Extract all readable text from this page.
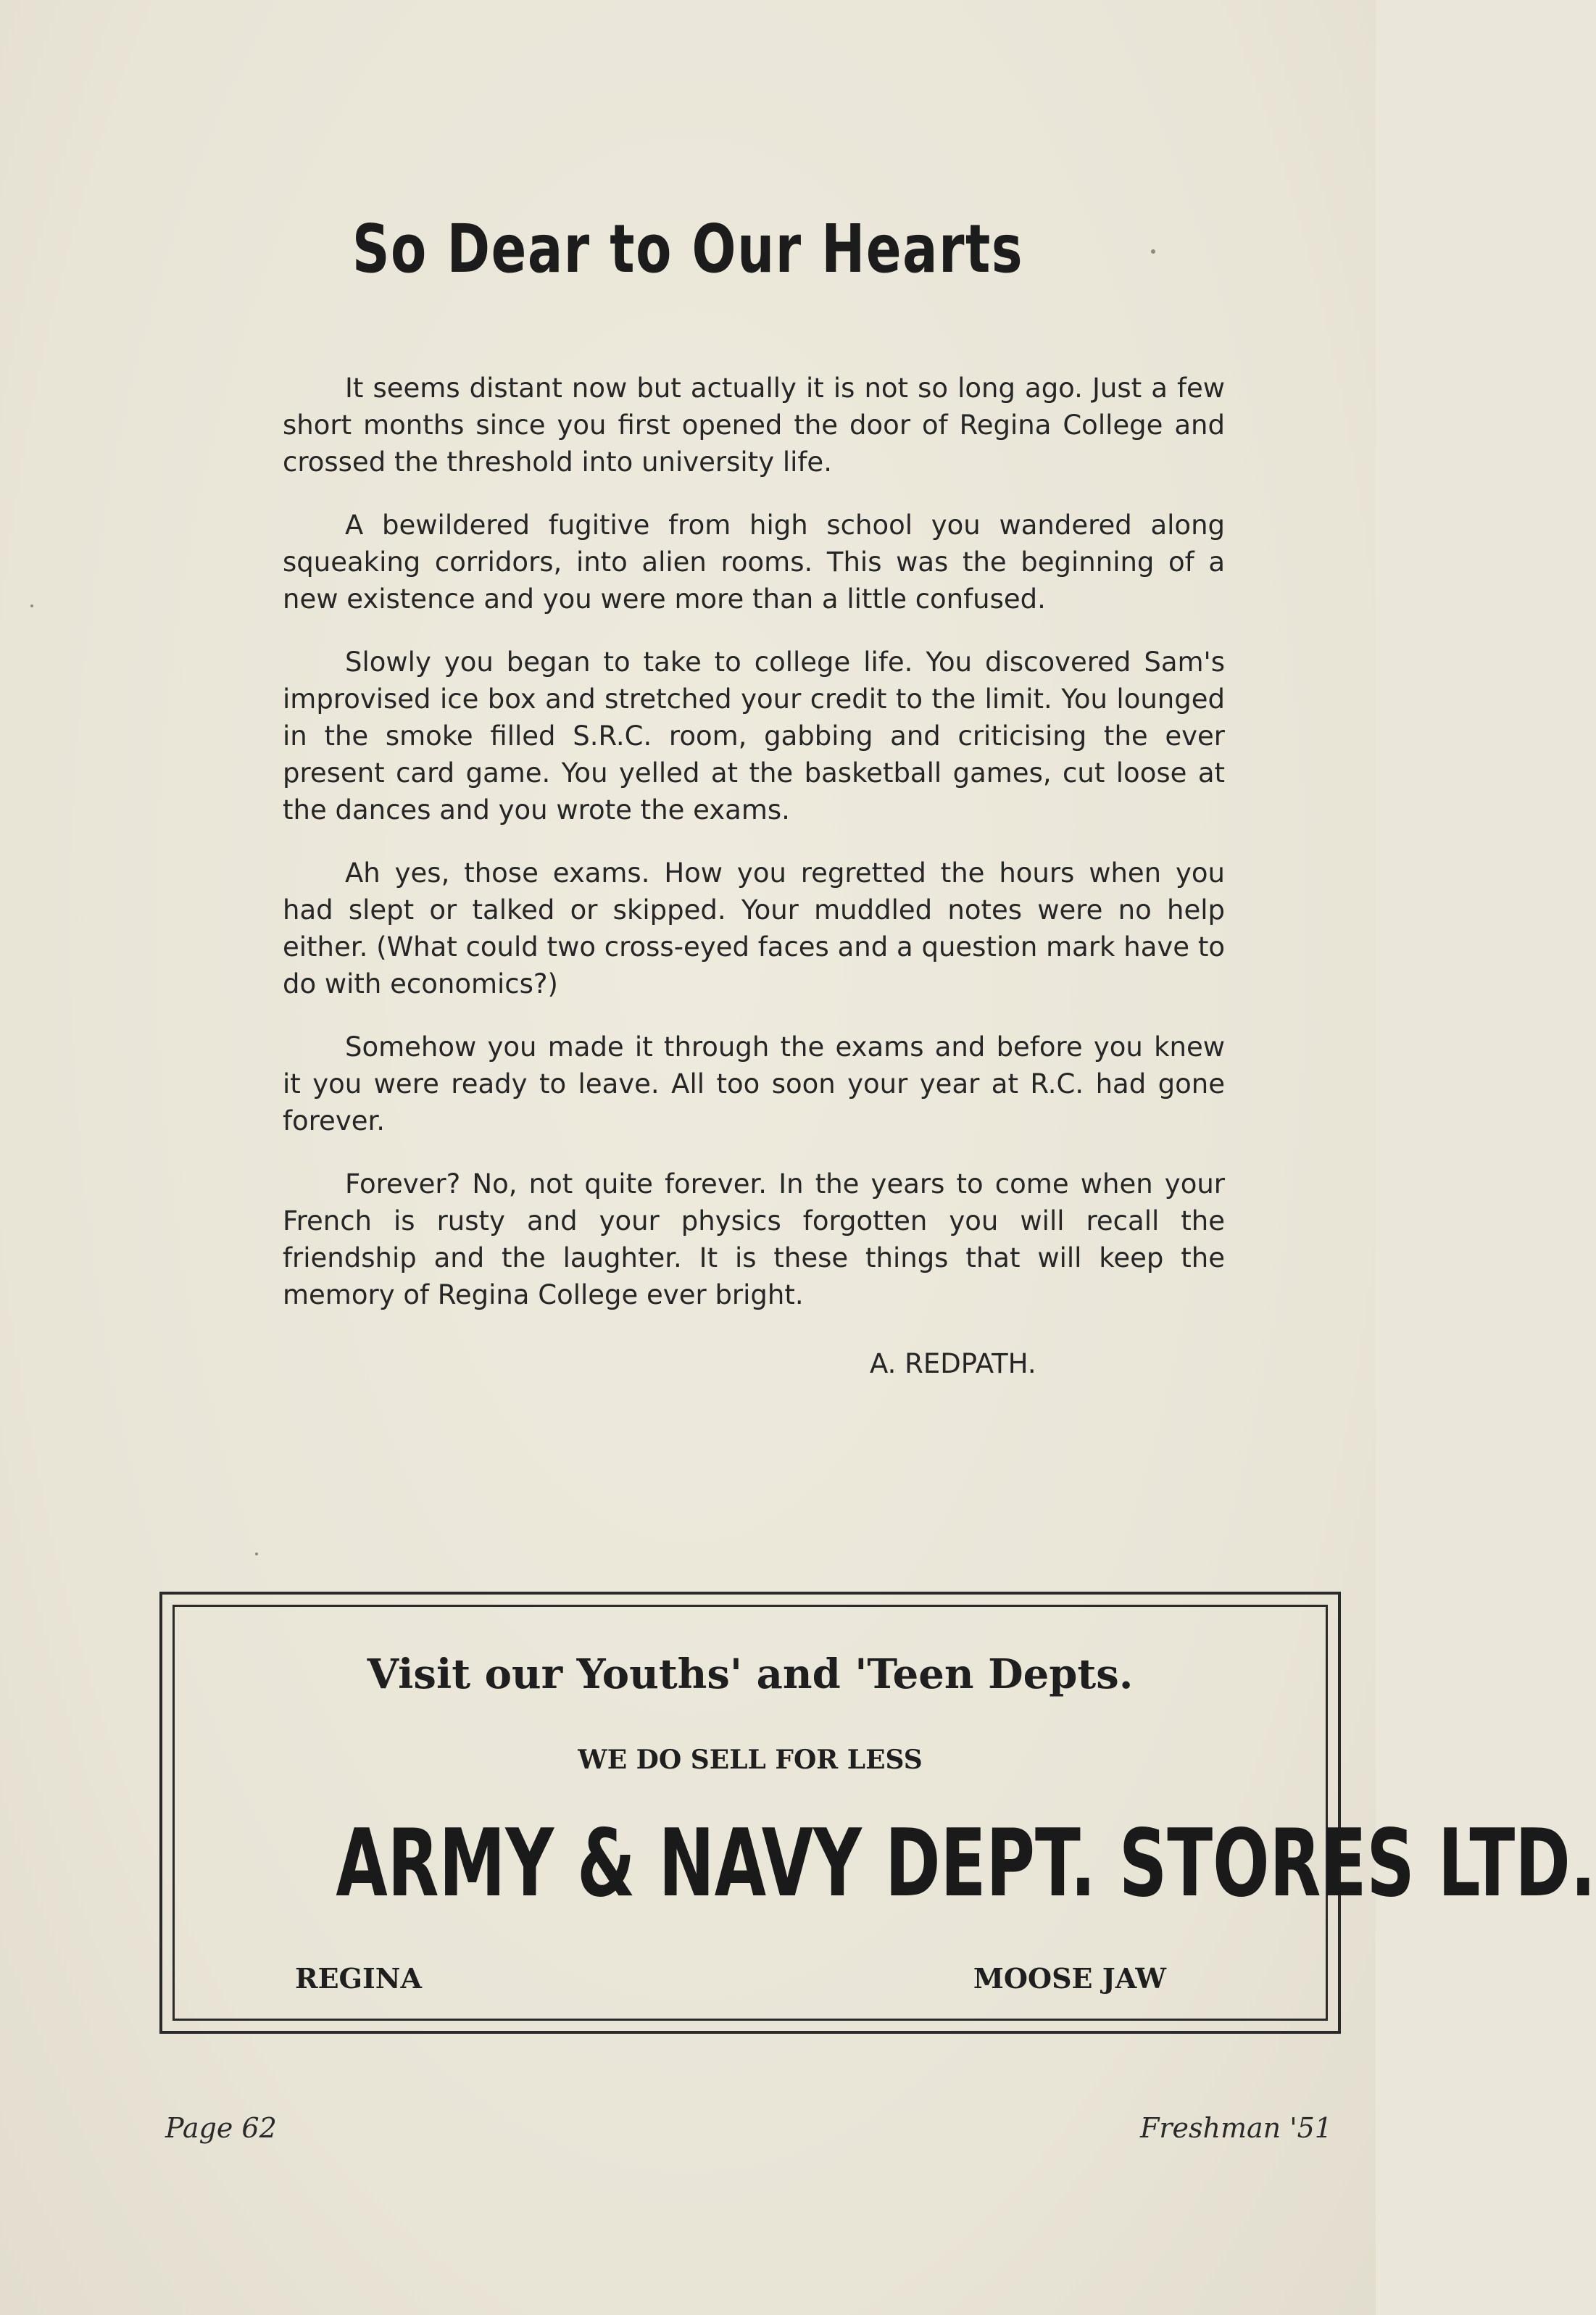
So Dear to Our Hearts

It seems distant now but actually it is not so long ago. Just a few short months since you first opened the door of Regina College and crossed the threshold into university life.

A bewildered fugitive from high school you wandered along squeaking corridors, into alien rooms. This was the beginning of a new existence and you were more than a little confused.

Slowly you began to take to college life. You discovered Sam's improvised ice box and stretched your credit to the limit. You lounged in the smoke filled S.R.C. room, gabbing and criticising the ever present card game. You yelled at the basketball games, cut loose at the dances and you wrote the exams.

Ah yes, those exams. How you regretted the hours when you had slept or talked or skipped. Your muddled notes were no help either. (What could two cross-eyed faces and a question mark have to do with economics?)

Somehow you made it through the exams and before you knew it you were ready to leave. All too soon your year at R.C. had gone forever.

Forever? No, not quite forever. In the years to come when your French is rusty and your physics forgotten you will recall the friendship and the laughter. It is these things that will keep the memory of Regina College ever bright.

A. REDPATH.
Visit our Youths' and 'Teen Depts.
WE DO SELL FOR LESS
ARMY & NAVY DEPT. STORES LTD.
REGINA	MOOSE JAW
Page 62	Freshman '51
